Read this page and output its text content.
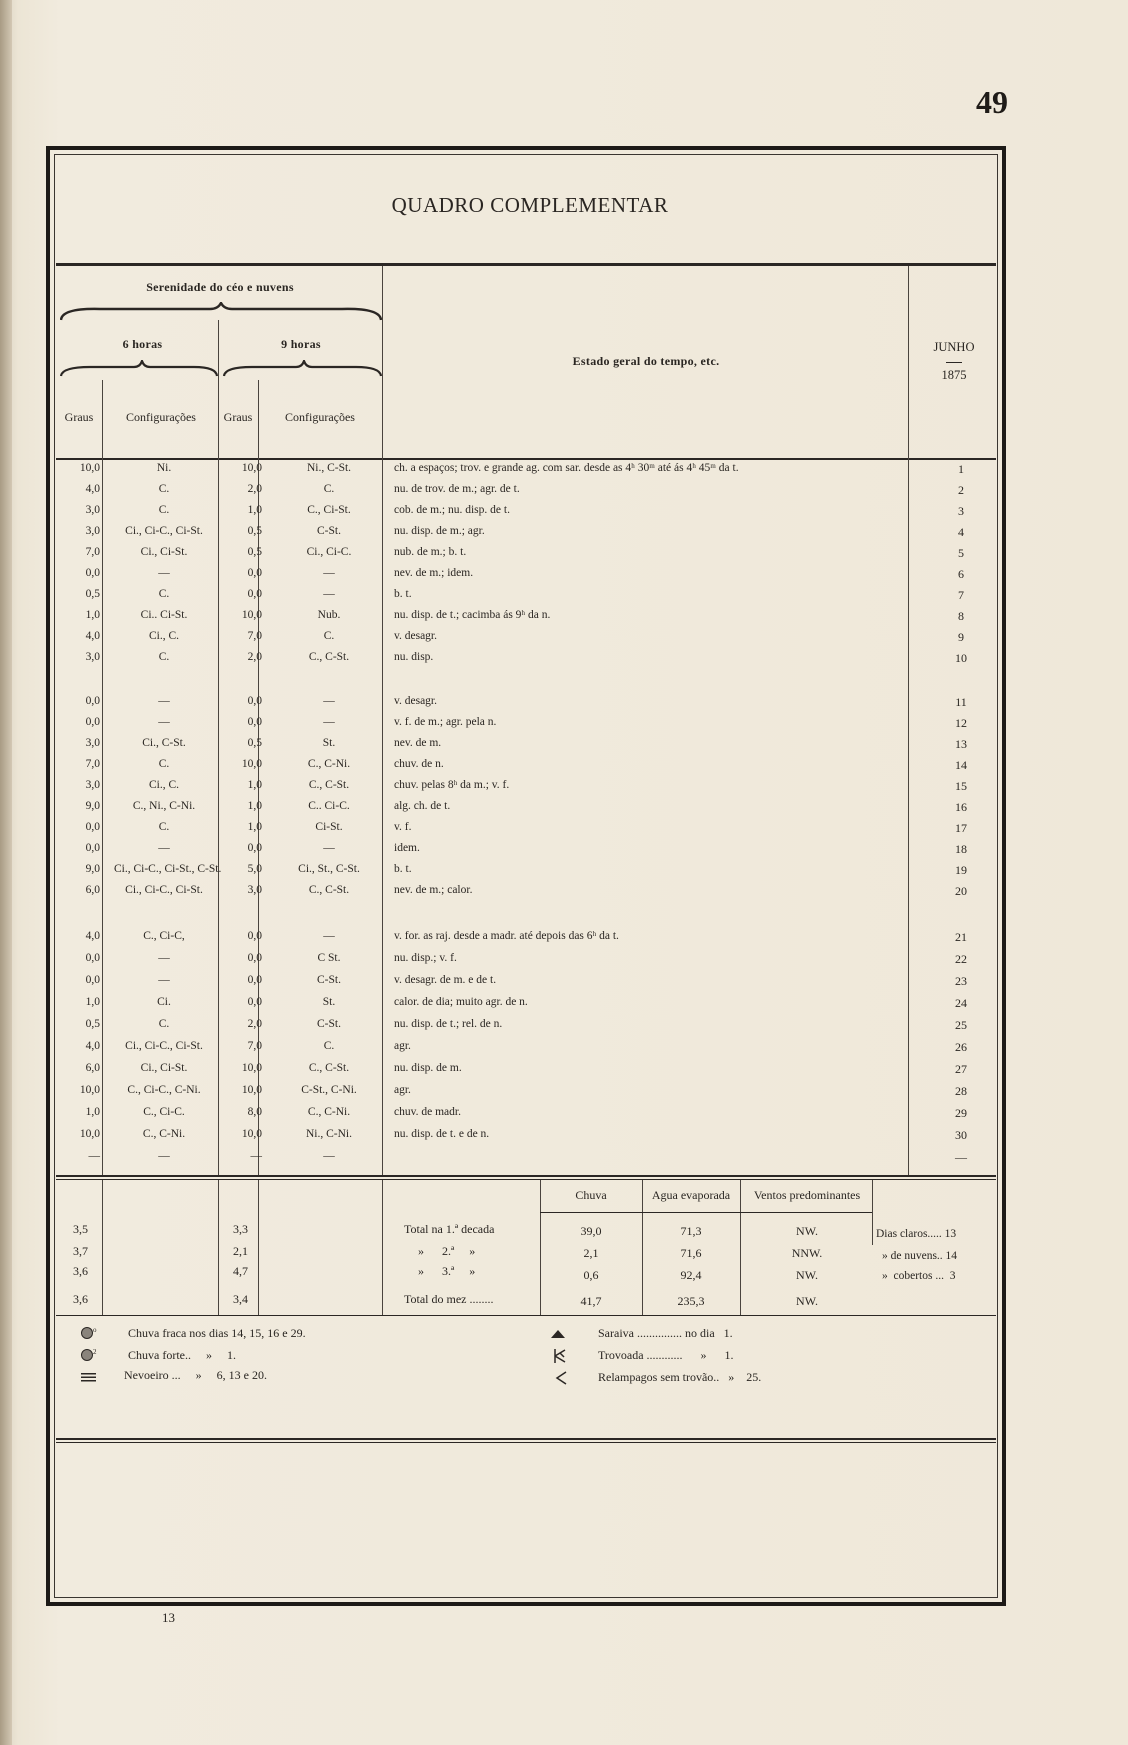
49
QUADRO COMPLEMENTAR
Serenidade do céo e nuvens
6 horas	9 horas
Graus	Configurações	Graus	Configurações
Estado geral do tempo, etc.
JUNHO
1875
10,0	Ni.	10,0	Ni., C-St.	ch. a espaços; trov. e grande ag. com sar. desde as 4ʰ 30ᵐ até ás 4ʰ 45ᵐ da t.	1
4,0	C.	2,0	C.	nu. de trov. de m.; agr. de t.	2
3,0	C.	1,0	C., Ci-St.	cob. de m.; nu. disp. de t.	3
3,0	Ci., Ci-C., Ci-St.	0,5	C-St.	nu. disp. de m.; agr.	4
7,0	Ci., Ci-St.	0,5	Ci., Ci-C.	nub. de m.; b. t.	5
0,0	—	0,0	—	nev. de m.; idem.	6
0,5	C.	0,0	—	b. t.	7
1,0	Ci.. Ci-St.	10,0	Nub.	nu. disp. de t.; cacimba ás 9ʰ da n.	8
4,0	Ci., C.	7,0	C.	v. desagr.	9
3,0	C.	2,0	C., C-St.	nu. disp.	10
0,0	—	0,0	—	v. desagr.	11
0,0	—	0,0	—	v. f. de m.; agr. pela n.	12
3,0	Ci., C-St.	0,5	St.	nev. de m.	13
7,0	C.	10,0	C., C-Ni.	chuv. de n.	14
3,0	Ci., C.	1,0	C., C-St.	chuv. pelas 8ʰ da m.; v. f.	15
9,0	C., Ni., C-Ni.	1,0	C.. Ci-C.	alg. ch. de t.	16
0,0	C.	1,0	Ci-St.	v. f.	17
0,0	—	0,0	—	idem.	18
9,0 Ci., Ci-C., Ci-St., C-St.	5,0	Ci., St., C-St.	b. t.	19
6,0	Ci., Ci-C., Ci-St.	3,0	C., C-St.	nev. de m.; calor.	20
4,0	C., Ci-C,	0,0	—	v. for. as raj. desde a madr. até depois das 6ʰ da t.	21
0,0	—	0,0	C St.	nu. disp.; v. f.	22
0,0	—	0,0	C-St.	v. desagr. de m. e de t.	23
1,0	Ci.	0,0	St.	calor. de dia; muito agr. de n.	24
0,5	C.	2,0	C-St.	nu. disp. de t.; rel. de n.	25
4,0	Ci., Ci-C., Ci-St.	7,0	C.	agr.	26
6,0	Ci., Ci-St.	10,0	C., C-St.	nu. disp. de m.	27
10,0	C., Ci-C., C-Ni.	10,0	C-St., C-Ni.	agr.	28
1,0	C., Ci-C.	8,0	C., C-Ni.	chuv. de madr.	29
10,0	C., C-Ni.	10,0	Ni., C-Ni.	nu. disp. de t. e de n.	30
—	—	—	—	—
Chuva	Agua evaporada	Ventos predominantes
3,5	3,3	Total na 1.ª decada	39,0	71,3	NW.	Dias claros..... 13
3,7	2,1	»      2.ª     »	2,1	71,6	NNW.	» de nuvens.. 14
3,6	4,7	»      3.ª     »	0,6	92,4	NW.	»  cobertos ...  3
3,6	3,4	Total do mez ........	41,7	235,3	NW.
o	Chuva fraca nos dias 14, 15, 16 e 29.
2	Chuva forte..     »     1.
Nevoeiro ...     »     6, 13 e 20.
Saraiva ............... no dia   1.
Trovoada ............      »      1.
Relampagos sem trovão..   »    25.
13
